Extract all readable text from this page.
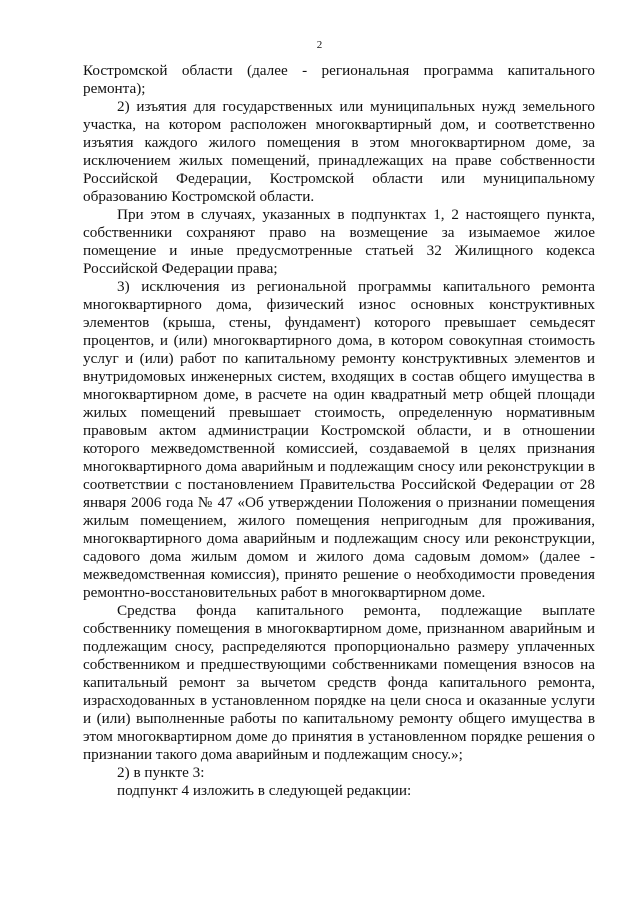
2

Костромской области (далее - региональная программа капитального ремонта);

2) изъятия для государственных или муниципальных нужд земельного участка, на котором расположен многоквартирный дом, и соответственно изъятия каждого жилого помещения в этом многоквартирном доме, за исключением жилых помещений, принадлежащих на праве собственности Российской Федерации, Костромской области или муниципальному образованию Костромской области.

При этом в случаях, указанных в подпунктах 1, 2 настоящего пункта, собственники сохраняют право на возмещение за изымаемое жилое помещение и иные предусмотренные статьей 32 Жилищного кодекса Российской Федерации права;

3) исключения из региональной программы капитального ремонта многоквартирного дома, физический износ основных конструктивных элементов (крыша, стены, фундамент) которого превышает семьдесят процентов, и (или) многоквартирного дома, в котором совокупная стоимость услуг и (или) работ по капитальному ремонту конструктивных элементов и внутридомовых инженерных систем, входящих в состав общего имущества в многоквартирном доме, в расчете на один квадратный метр общей площади жилых помещений превышает стоимость, определенную нормативным правовым актом администрации Костромской области, и в отношении которого межведомственной комиссией, создаваемой в целях признания многоквартирного дома аварийным и подлежащим сносу или реконструкции в соответствии с постановлением Правительства Российской Федерации от 28 января 2006 года № 47 «Об утверждении Положения о признании помещения жилым помещением, жилого помещения непригодным для проживания, многоквартирного дома аварийным и подлежащим сносу или реконструкции, садового дома жилым домом и жилого дома садовым домом» (далее - межведомственная комиссия), принято решение о необходимости проведения ремонтно-восстановительных работ в многоквартирном доме.

Средства фонда капитального ремонта, подлежащие выплате собственнику помещения в многоквартирном доме, признанном аварийным и подлежащим сносу, распределяются пропорционально размеру уплаченных собственником и предшествующими собственниками помещения взносов на капитальный ремонт за вычетом средств фонда капитального ремонта, израсходованных в установленном порядке на цели сноса и оказанные услуги и (или) выполненные работы по капитальному ремонту общего имущества в этом многоквартирном доме до принятия в установленном порядке решения о признании такого дома аварийным и подлежащим сносу.»;

2) в пункте 3:

подпункт 4 изложить в следующей редакции:
